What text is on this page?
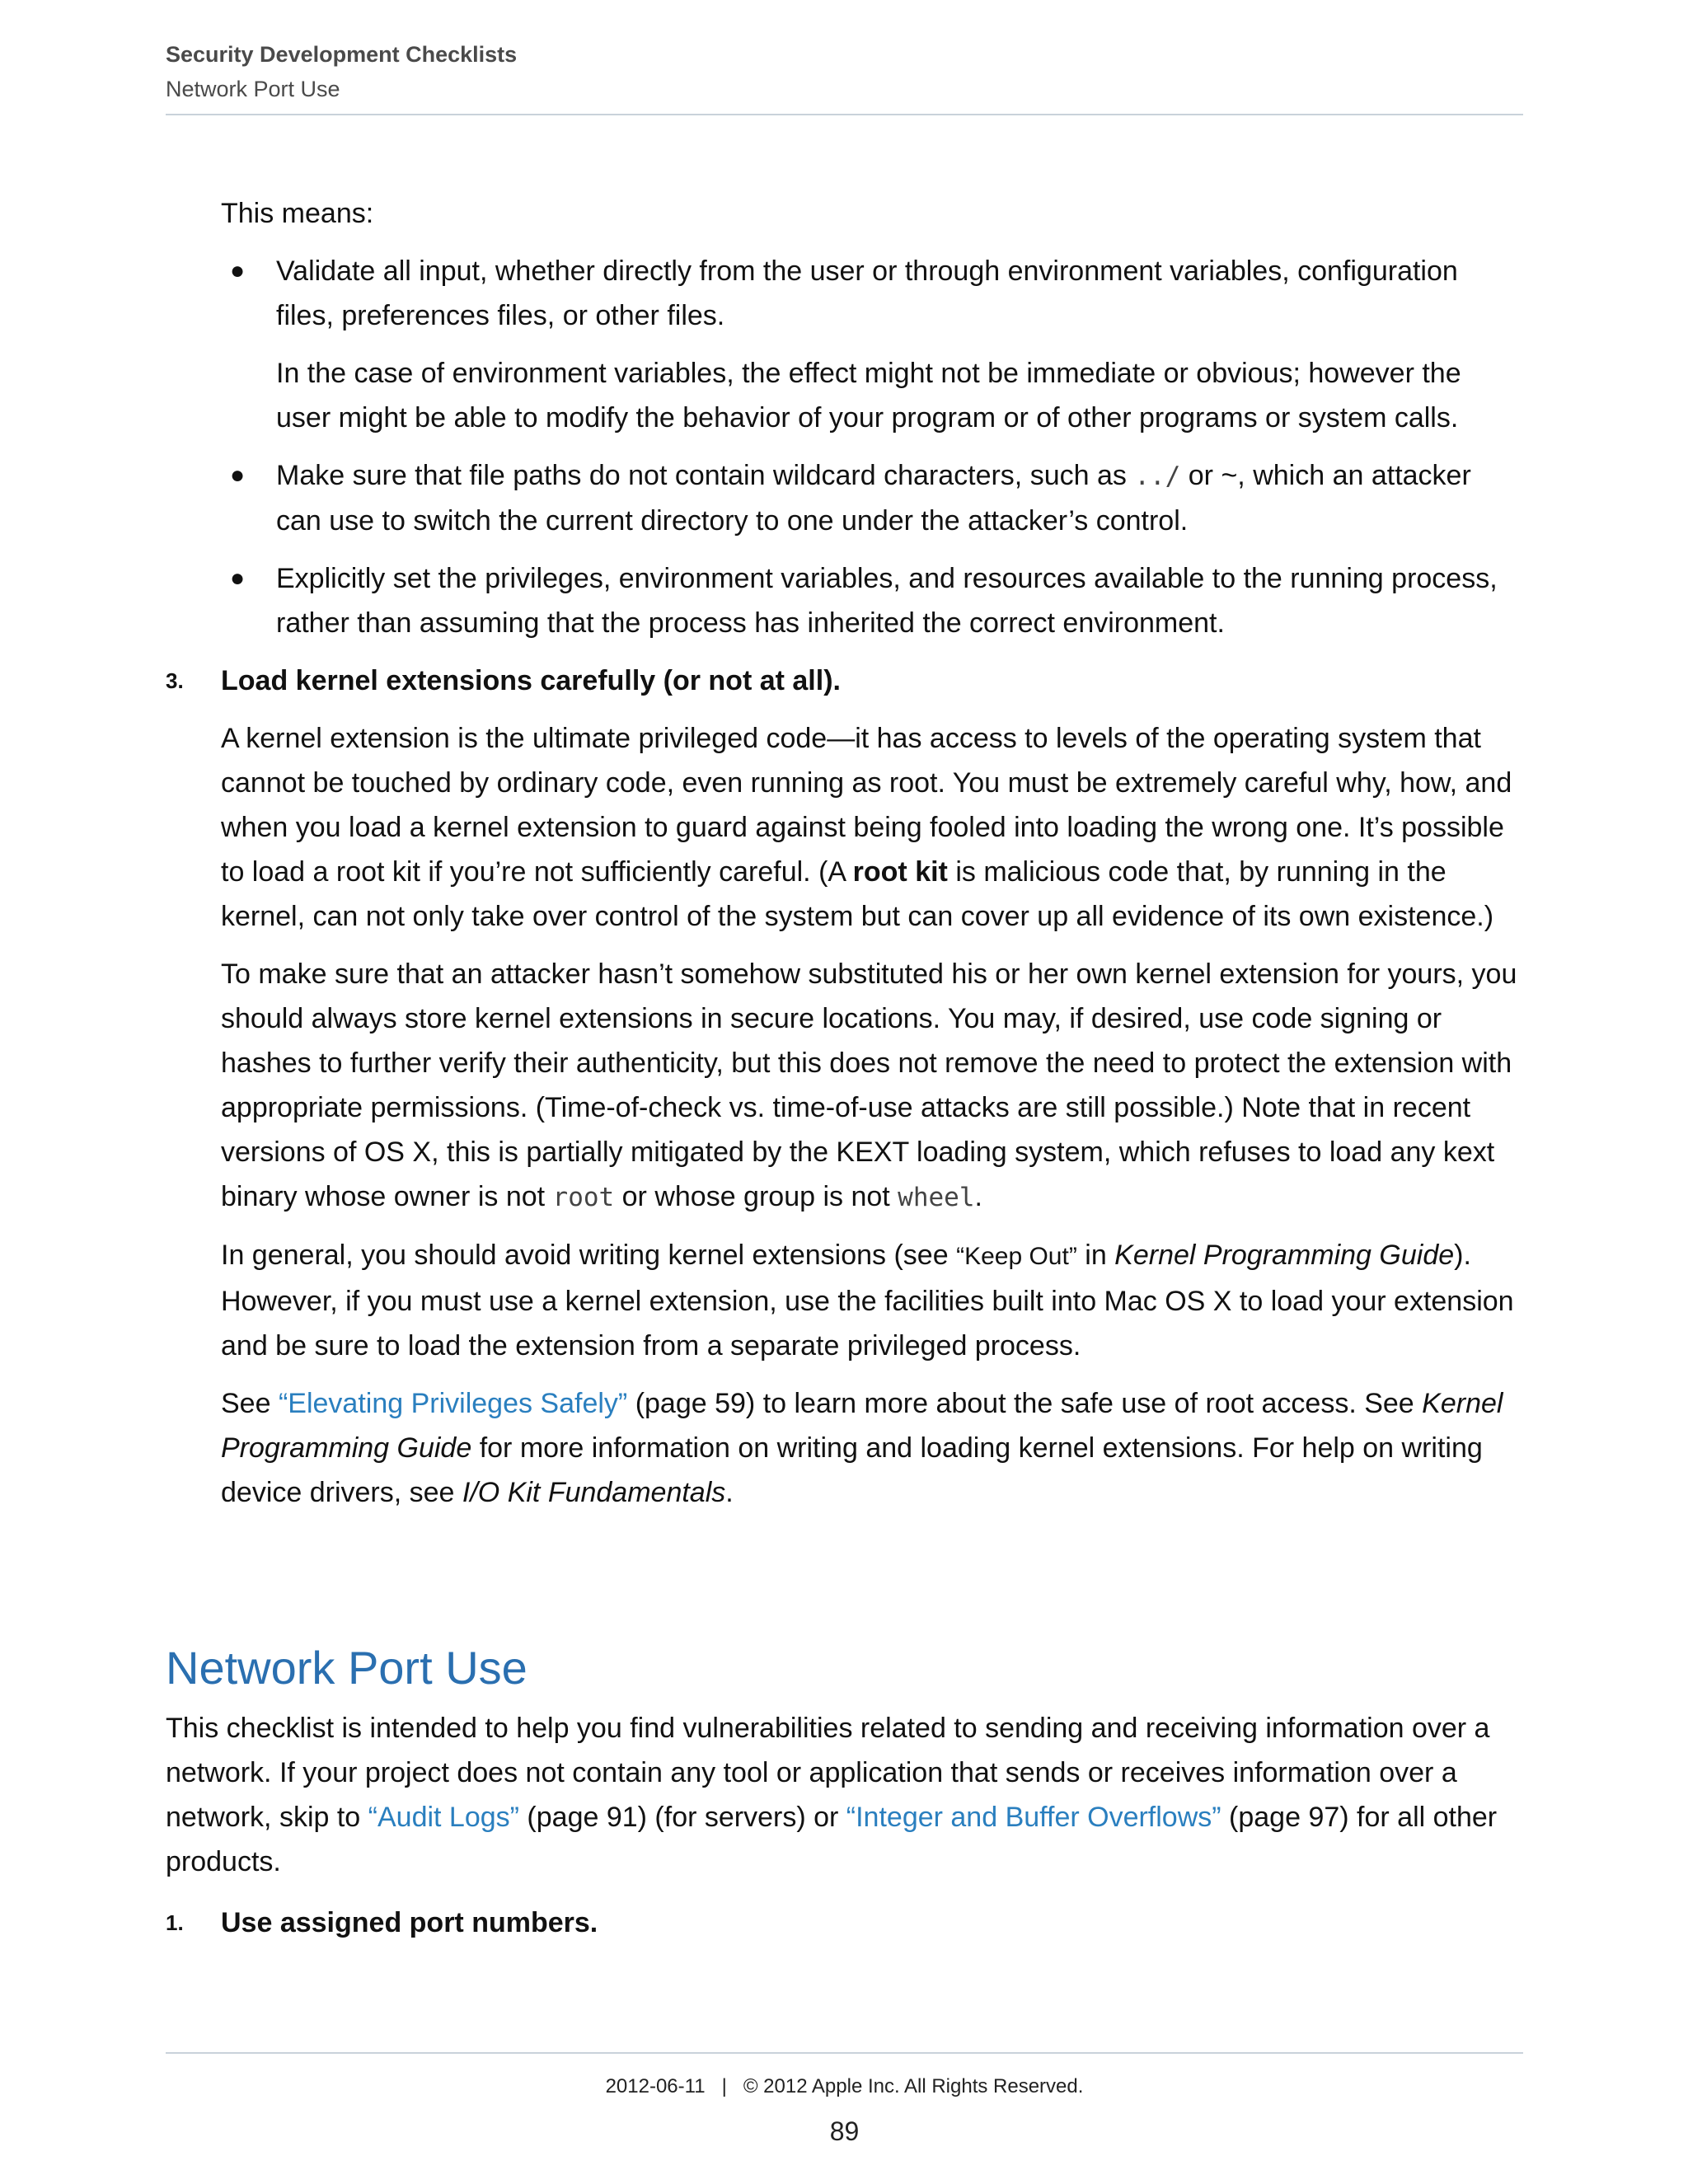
Security Development Checklists
Network Port Use

This means:

● Validate all input, whether directly from the user or through environment variables, configuration files, preferences files, or other files.

In the case of environment variables, the effect might not be immediate or obvious; however the user might be able to modify the behavior of your program or of other programs or system calls.

● Make sure that file paths do not contain wildcard characters, such as ../ or ~, which an attacker can use to switch the current directory to one under the attacker’s control.

● Explicitly set the privileges, environment variables, and resources available to the running process, rather than assuming that the process has inherited the correct environment.

3. Load kernel extensions carefully (or not at all).

A kernel extension is the ultimate privileged code—it has access to levels of the operating system that cannot be touched by ordinary code, even running as root. You must be extremely careful why, how, and when you load a kernel extension to guard against being fooled into loading the wrong one. It’s possible to load a root kit if you’re not sufficiently careful. (A root kit is malicious code that, by running in the kernel, can not only take over control of the system but can cover up all evidence of its own existence.)

To make sure that an attacker hasn’t somehow substituted his or her own kernel extension for yours, you should always store kernel extensions in secure locations. You may, if desired, use code signing or hashes to further verify their authenticity, but this does not remove the need to protect the extension with appropriate permissions. (Time-of-check vs. time-of-use attacks are still possible.) Note that in recent versions of OS X, this is partially mitigated by the KEXT loading system, which refuses to load any kext binary whose owner is not root or whose group is not wheel.

In general, you should avoid writing kernel extensions (see “Keep Out” in Kernel Programming Guide). However, if you must use a kernel extension, use the facilities built into Mac OS X to load your extension and be sure to load the extension from a separate privileged process.

See “Elevating Privileges Safely” (page 59) to learn more about the safe use of root access. See Kernel Programming Guide for more information on writing and loading kernel extensions. For help on writing device drivers, see I/O Kit Fundamentals.

Network Port Use

This checklist is intended to help you find vulnerabilities related to sending and receiving information over a network. If your project does not contain any tool or application that sends or receives information over a network, skip to “Audit Logs” (page 91) (for servers) or “Integer and Buffer Overflows” (page 97) for all other products.

1. Use assigned port numbers.
2012-06-11 | © 2012 Apple Inc. All Rights Reserved.
89
